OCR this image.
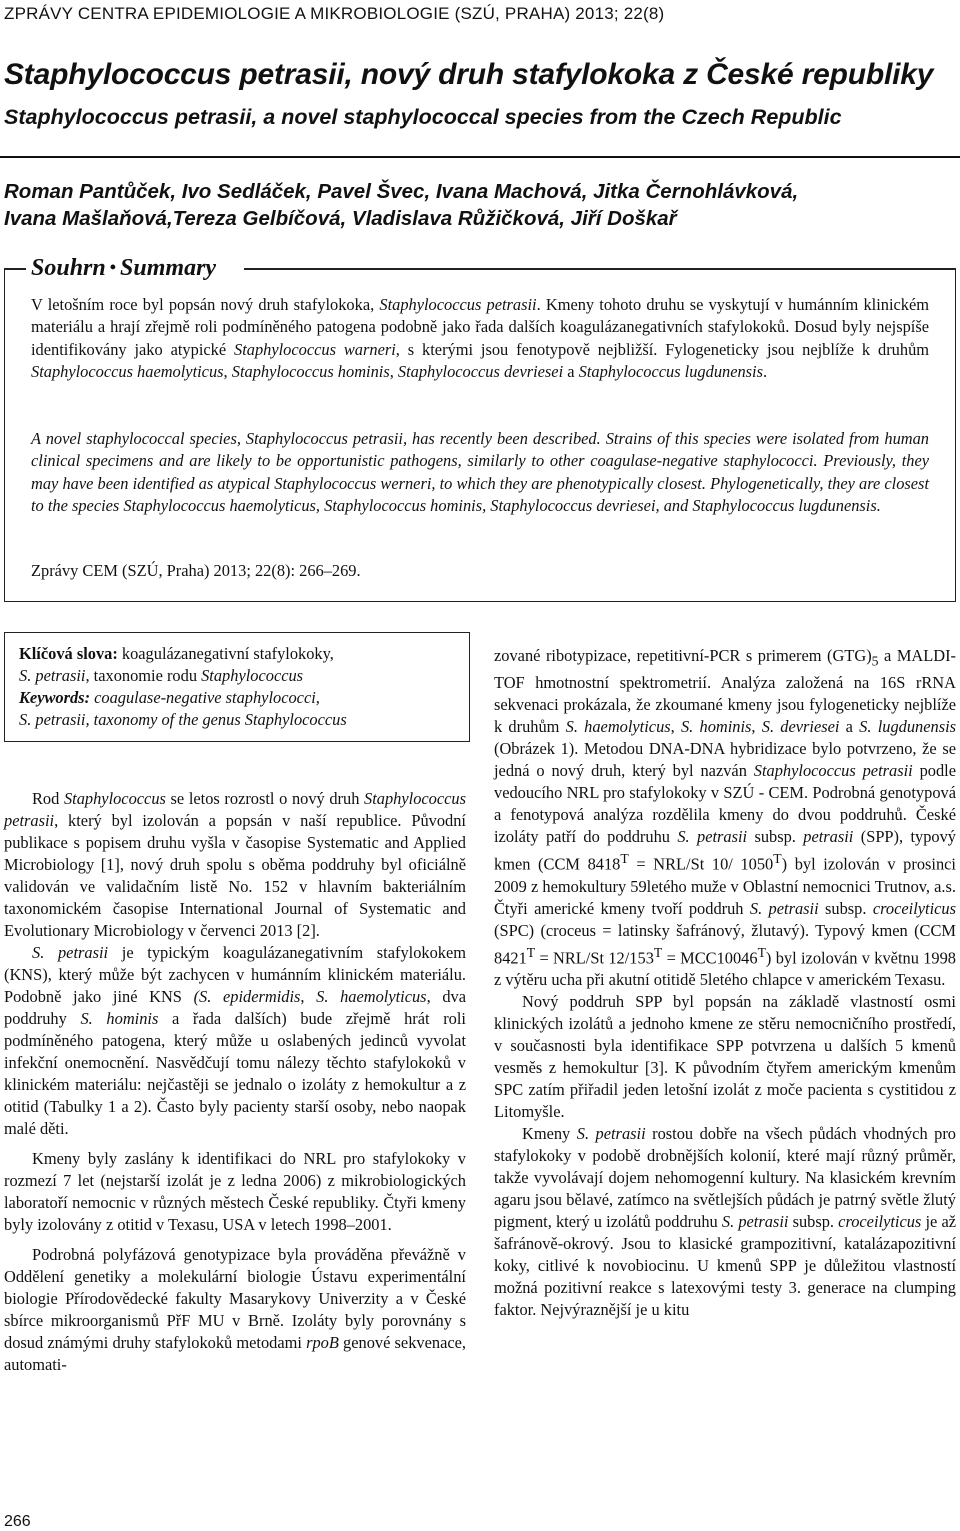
ZPRÁVY CENTRA EPIDEMIOLOGIE A MIKROBIOLOGIE (SZÚ, PRAHA) 2013; 22(8)
Staphylococcus petrasii, nový druh stafylokoka z České republiky
Staphylococcus petrasii, a novel staphylococcal species from the Czech Republic
Roman Pantůček, Ivo Sedláček, Pavel Švec, Ivana Machová, Jitka Černohlávková,
Ivana Mašlaňová,Tereza Gelbíčová, Vladislava Růžičková, Jiří Doškař
Souhrn • Summary
V letošním roce byl popsán nový druh stafylokoka, Staphylococcus petrasii. Kmeny tohoto druhu se vyskytují v humánním klinickém materiálu a hrají zřejmě roli podmíněného patogena podobně jako řada dalších koagulázanegativních stafylokoků. Dosud byly nejspíše identifikovány jako atypické Staphylococcus warneri, s kterými jsou fenotypově nejbližší. Fylogeneticky jsou nejblíže k druhům Staphylococcus haemolyticus, Staphylococcus hominis, Staphylococcus devriesei a Staphylococcus lugdunensis.
A novel staphylococcal species, Staphylococcus petrasii, has recently been described. Strains of this species were isolated from human clinical specimens and are likely to be opportunistic pathogens, similarly to other coagulase-negative staphylococci. Previously, they may have been identified as atypical Staphylococcus werneri, to which they are phenotypically closest. Phylogenetically, they are closest to the species Staphylococcus haemolyticus, Staphylococcus hominis, Staphylococcus devriesei, and Staphylococcus lugdunensis.
Zprávy CEM (SZÚ, Praha) 2013; 22(8): 266–269.

Klíčová slova: koagulázanegativní stafylokoky,

S. petrasii, taxonomie rodu Staphylococcus

Keywords: coagulase-negative staphylococci,

S. petrasii, taxonomy of the genus Staphylococcus

Rod Staphylococcus se letos rozrostl o nový druh Staphylococcus petrasii, který byl izolován a popsán v naší republice. Původní publikace s popisem druhu vyšla v časopise Systematic and Applied Microbiology [1], nový druh spolu s oběma poddruhy byl oficiálně validován ve validačním listě No. 152 v hlavním bakteriálním taxonomickém časopise International Journal of Systematic and Evolutionary Microbiology v červenci 2013 [2].

S. petrasii je typickým koagulázanegativním stafylokokem (KNS), který může být zachycen v humánním klinickém materiálu. Podobně jako jiné KNS (S. epidermidis, S. haemolyticus, dva poddruhy S. hominis a řada dalších) bude zřejmě hrát roli podmíněného patogena, který může u oslabených jedinců vyvolat infekční onemocnění. Nasvědčují tomu nálezy těchto stafylokoků v klinickém materiálu: nejčastěji se jednalo o izoláty z hemokultur a z otitid (Tabulky 1 a 2). Často byly pacienty starší osoby, nebo naopak malé děti.

Kmeny byly zaslány k identifikaci do NRL pro stafylokoky v rozmezí 7 let (nejstarší izolát je z ledna 2006) z mikrobiologických laboratoří nemocnic v různých městech České republiky. Čtyři kmeny byly izolovány z otitid v Texasu, USA v letech 1998–2001.

Podrobná polyfázová genotypizace byla prováděna převážně v Oddělení genetiky a molekulární biologie Ústavu experimentální biologie Přírodovědecké fakulty Masarykovy Univerzity a v České sbírce mikroorganismů PřF MU v Brně. Izoláty byly porovnány s dosud známými druhy stafylokoků metodami rpoB genové sekvenace, automati-

zované ribotypizace, repetitivní-PCR s primerem $(GTG)_5$ a MALDI-TOF hmotnostní spektrometrií. Analýza založená na 16S rRNA sekvenaci prokázala, že zkoumané kmeny jsou fylogeneticky nejblíže k druhům S. haemolyticus, S. hominis, S. devriesei a S. lugdunensis (Obrázek 1). Metodou DNA-DNA hybridizace bylo potvrzeno, že se jedná o nový druh, který byl nazván Staphylococcus petrasii podle vedoucího NRL pro stafylokoky v SZÚ - CEM. Podrobná genotypová a fenotypová analýza rozdělila kmeny do dvou poddruhů. České izoláty patří do poddruhu S. petrasii subsp. petrasii (SPP), typový kmen (CCM $8418^T = NRL/St$ 10/ $1050^T$) byl izolován v prosinci 2009 z hemokultury 59letého muže v Oblastní nemocnici Trutnov, a.s. Čtyři americké kmeny tvoří poddruh S. petrasii subsp. croceilyticus (SPC) (croceus = latinsky šafránový, žlutavý). Typový kmen (CCM $8421^T = NRL/St$ $12/153^T = MCC10046^T$) byl izolován v květnu 1998 z výtěru ucha při akutní otitidě 5letého chlapce v americkém Texasu.

Nový poddruh SPP byl popsán na základě vlastností osmi klinických izolátů a jednoho kmene ze stěru nemocničního prostředí, v současnosti byla identifikace SPP potvrzena u dalších 5 kmenů vesměs z hemokultur [3]. K původním čtyřem americkým kmenům SPC zatím přiřadil jeden letošní izolát z moče pacienta s cystitidou z Litomyšle.

Kmeny S. petrasii rostou dobře na všech půdách vhodných pro stafylokoky v podobě drobnějších kolonií, které mají různý průměr, takže vyvolávají dojem nehomogenní kultury. Na klasickém krevním agaru jsou bělavé, zatímco na světlejších půdách je patrný světle žlutý pigment, který u izolátů poddruhu S. petrasii subsp. croceilyticus je až šafránově-okrový. Jsou to klasické grampozitivní, katalázapozitivní koky, citlivé k novobiocinu. U kmenů SPP je důležitou vlastností možná pozitivní reakce s latexovými testy 3. generace na clumping faktor. Nejvýraznější je u kitu

266
